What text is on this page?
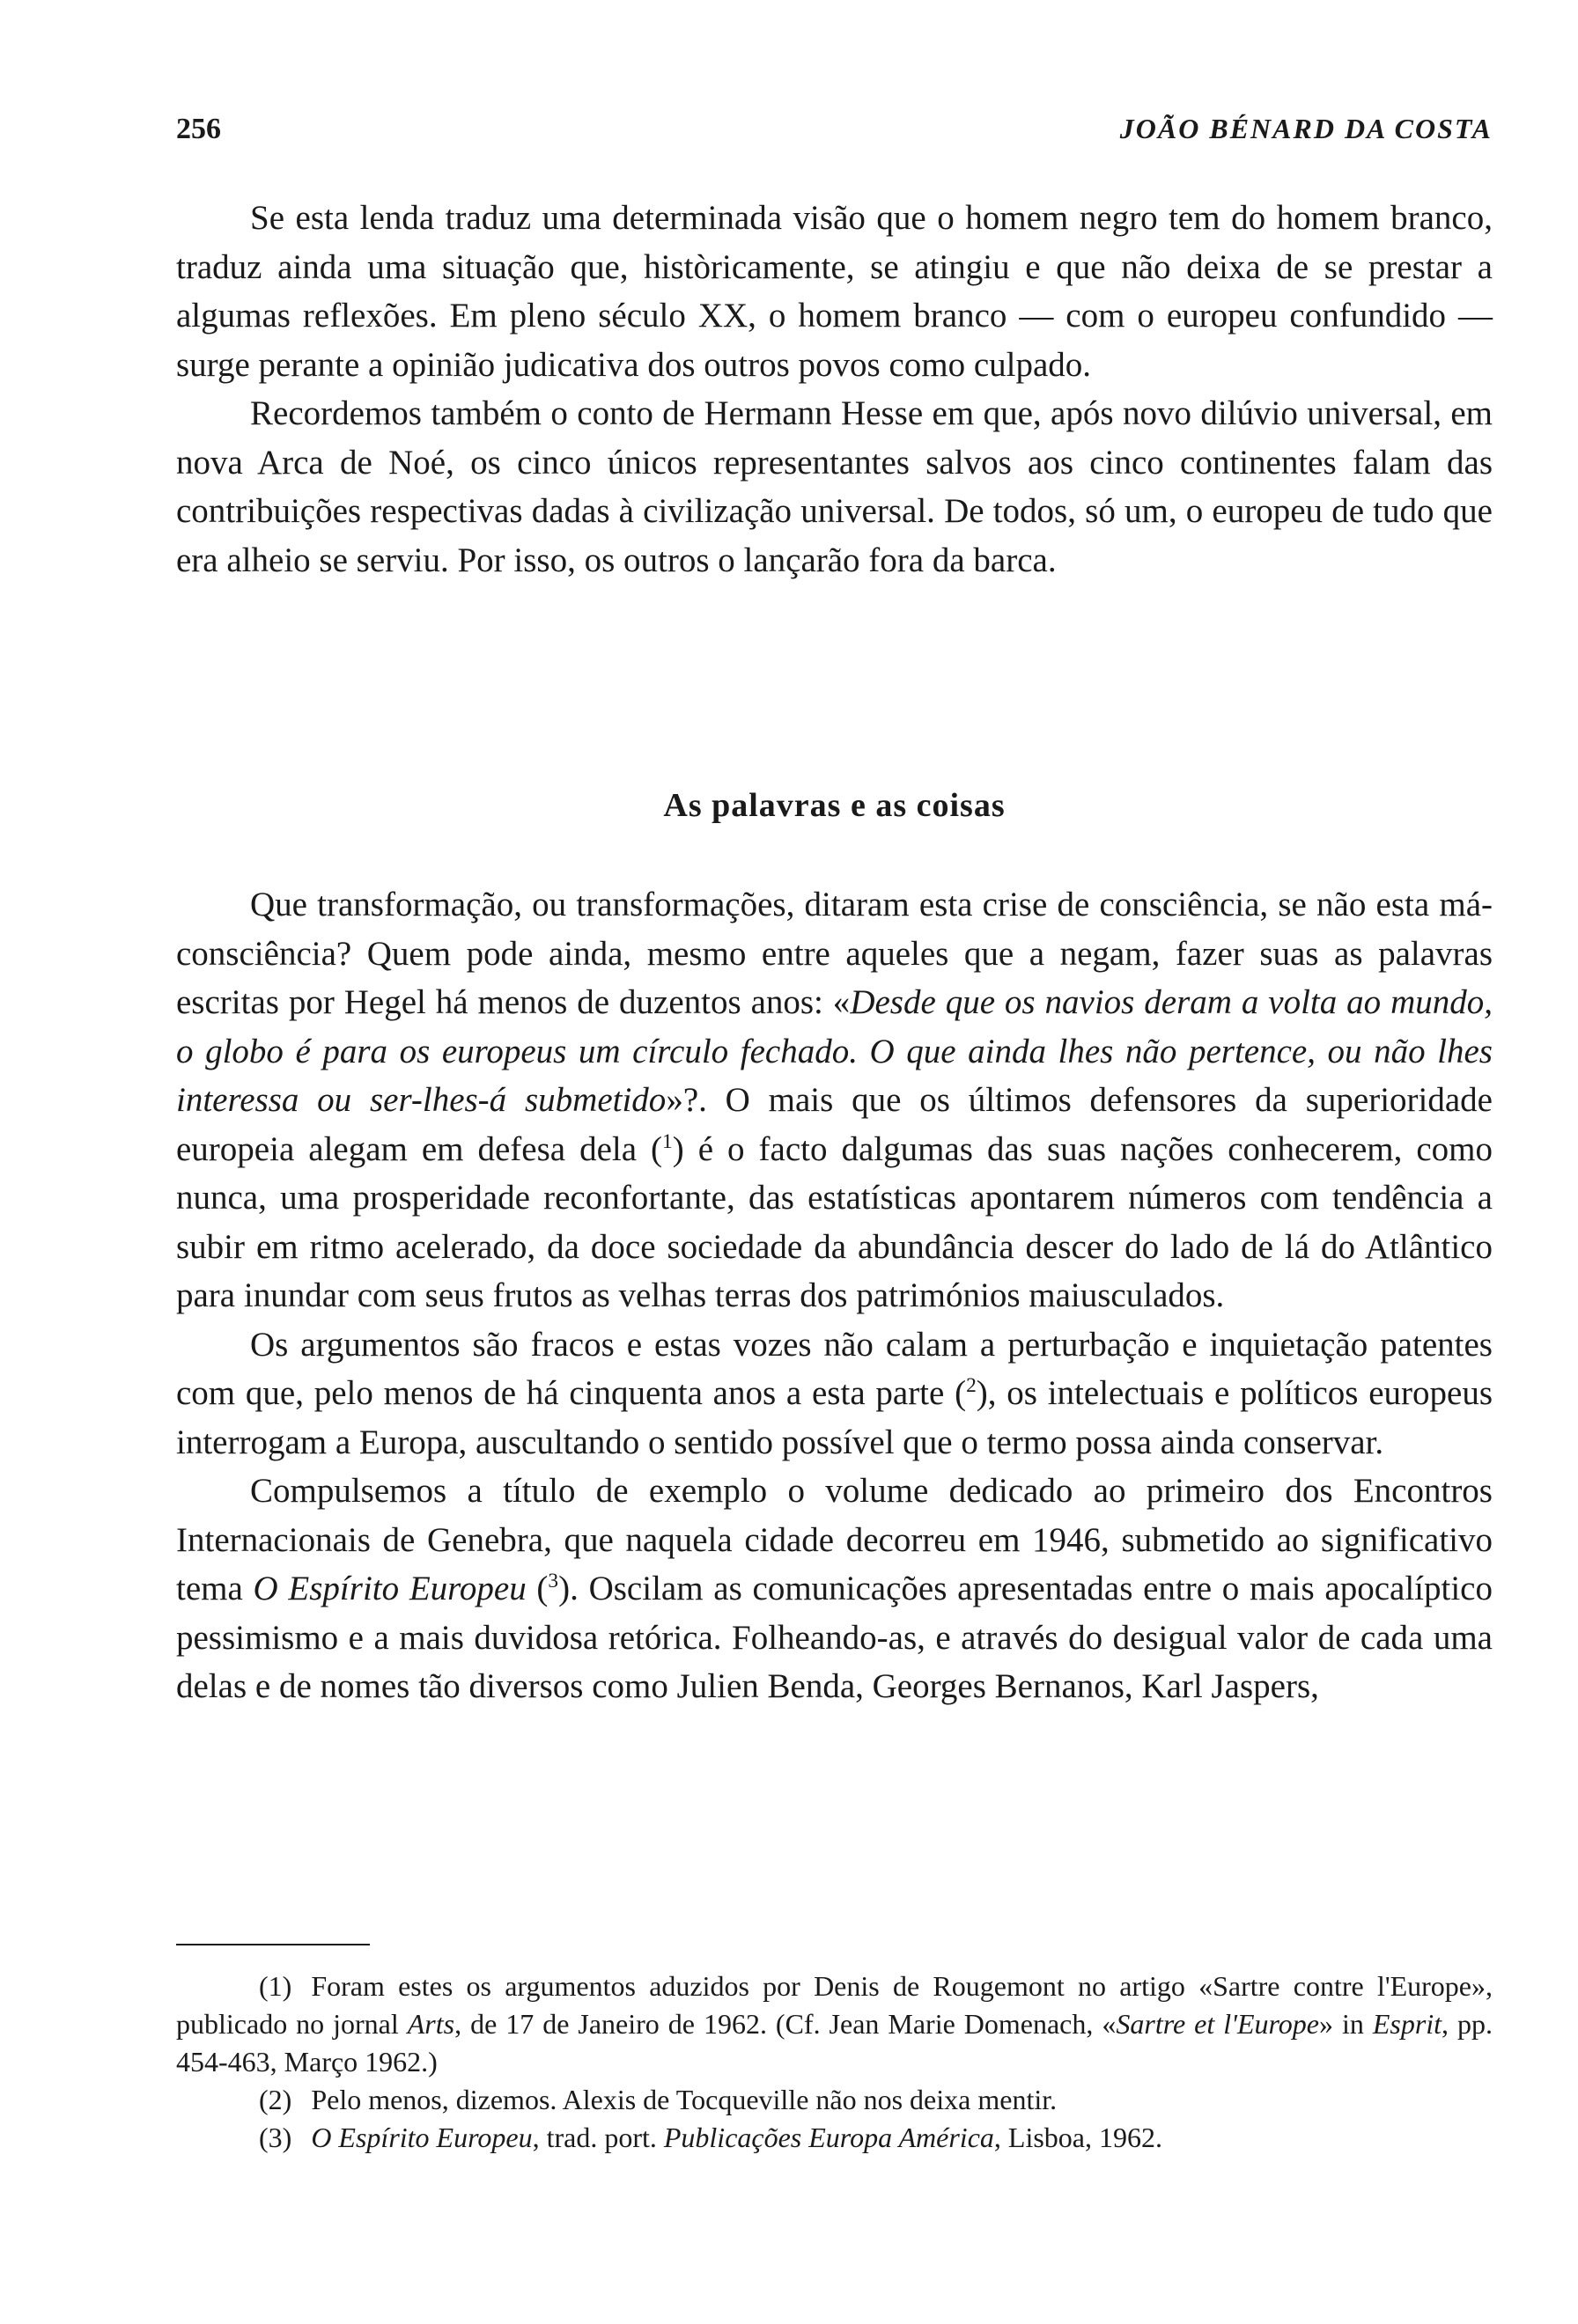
256	JOÃO BÉNARD DA COSTA

Se esta lenda traduz uma determinada visão que o homem negro tem do homem branco, traduz ainda uma situação que, històricamente, se atingiu e que não deixa de se prestar a algumas reflexões. Em pleno século XX, o homem branco — com o europeu confundido — surge perante a opinião judicativa dos outros povos como culpado.

Recordemos também o conto de Hermann Hesse em que, após novo dilúvio universal, em nova Arca de Noé, os cinco únicos representantes salvos aos cinco continentes falam das contribuições respectivas dadas à civilização universal. De todos, só um, o europeu de tudo que era alheio se serviu. Por isso, os outros o lançarão fora da barca.

As palavras e as coisas

Que transformação, ou transformações, ditaram esta crise de consciência, se não esta má-consciência? Quem pode ainda, mesmo entre aqueles que a negam, fazer suas as palavras escritas por Hegel há menos de duzentos anos: «Desde que os navios deram a volta ao mundo, o globo é para os europeus um círculo fechado. O que ainda lhes não pertence, ou não lhes interessa ou ser-lhes-á submetido»?. O mais que os últimos defensores da superioridade europeia alegam em defesa dela ($^1$) é o facto dalgumas das suas nações conhecerem, como nunca, uma prosperidade reconfortante, das estatísticas apontarem números com tendência a subir em ritmo acelerado, da doce sociedade da abundância descer do lado de lá do Atlântico para inundar com seus frutos as velhas terras dos patrimónios maiusculados.

Os argumentos são fracos e estas vozes não calam a perturbação e inquietação patentes com que, pelo menos de há cinquenta anos a esta parte ($^2$), os intelectuais e políticos europeus interrogam a Europa, auscultando o sentido possível que o termo possa ainda conservar.

Compulsemos a título de exemplo o volume dedicado ao primeiro dos Encontros Internacionais de Genebra, que naquela cidade decorreu em 1946, submetido ao significativo tema O Espírito Europeu ($^3$). Oscilam as comunicações apresentadas entre o mais apocalíptico pessimismo e a mais duvidosa retórica. Folheando-as, e através do desigual valor de cada uma delas e de nomes tão diversos como Julien Benda, Georges Bernanos, Karl Jaspers,

(1) Foram estes os argumentos aduzidos por Denis de Rougemont no artigo «Sartre contre l'Europe», publicado no jornal Arts, de 17 de Janeiro de 1962. (Cf. Jean Marie Domenach, «Sartre et l'Europe» in Esprit, pp. 454-463, Março 1962.)

(2) Pelo menos, dizemos. Alexis de Tocqueville não nos deixa mentir.

(3) O Espírito Europeu, trad. port. Publicações Europa América, Lisboa, 1962.
